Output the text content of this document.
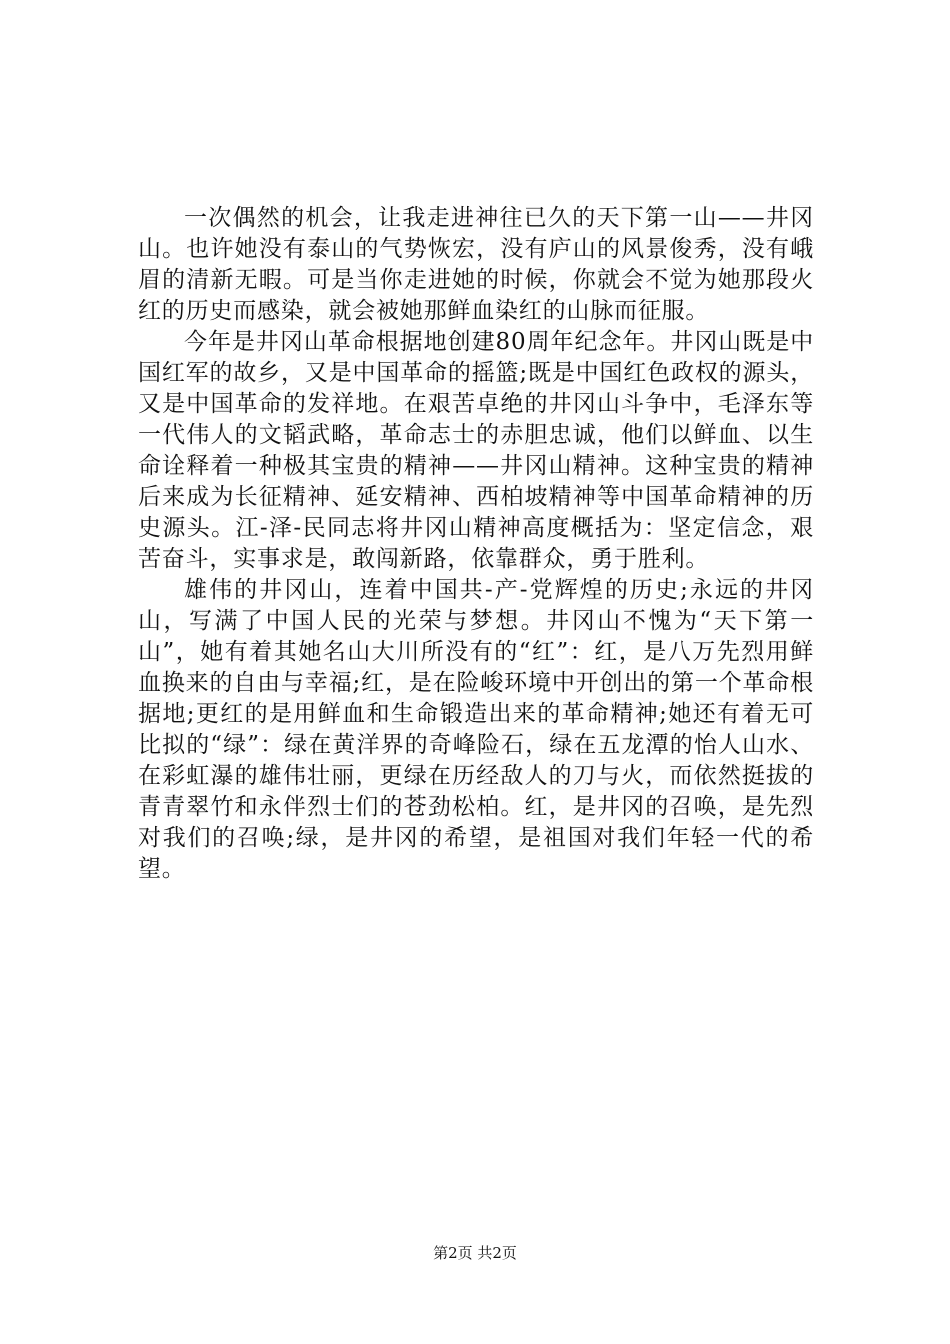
一次偶然的机会，让我走进神往已久的天下第一山——井冈山。也许她没有泰山的气势恢宏，没有庐山的风景俊秀，没有峨眉的清新无暇。可是当你走进她的时候，你就会不觉为她那段火红的历史而感染，就会被她那鲜血染红的山脉而征服。

今年是井冈山革命根据地创建80周年纪念年。井冈山既是中国红军的故乡，又是中国革命的摇篮;既是中国红色政权的源头，又是中国革命的发祥地。在艰苦卓绝的井冈山斗争中，毛泽东等一代伟人的文韬武略，革命志士的赤胆忠诚，他们以鲜血、以生命诠释着一种极其宝贵的精神——井冈山精神。这种宝贵的精神后来成为长征精神、延安精神、西柏坡精神等中国革命精神的历史源头。江-泽-民同志将井冈山精神高度概括为：坚定信念，艰苦奋斗，实事求是，敢闯新路，依靠群众，勇于胜利。

雄伟的井冈山，连着中国共-产-党辉煌的历史;永远的井冈山，写满了中国人民的光荣与梦想。井冈山不愧为“天下第一山”，她有着其她名山大川所没有的“红”：红，是八万先烈用鲜血换来的自由与幸福;红，是在险峻环境中开创出的第一个革命根据地;更红的是用鲜血和生命锻造出来的革命精神;她还有着无可比拟的“绿”：绿在黄洋界的奇峰险石，绿在五龙潭的怡人山水、在彩虹瀑的雄伟壮丽，更绿在历经敌人的刀与火，而依然挺拔的青青翠竹和永伴烈士们的苍劲松柏。红，是井冈的召唤，是先烈对我们的召唤;绿，是井冈的希望，是祖国对我们年轻一代的希望。

第2页 共2页
